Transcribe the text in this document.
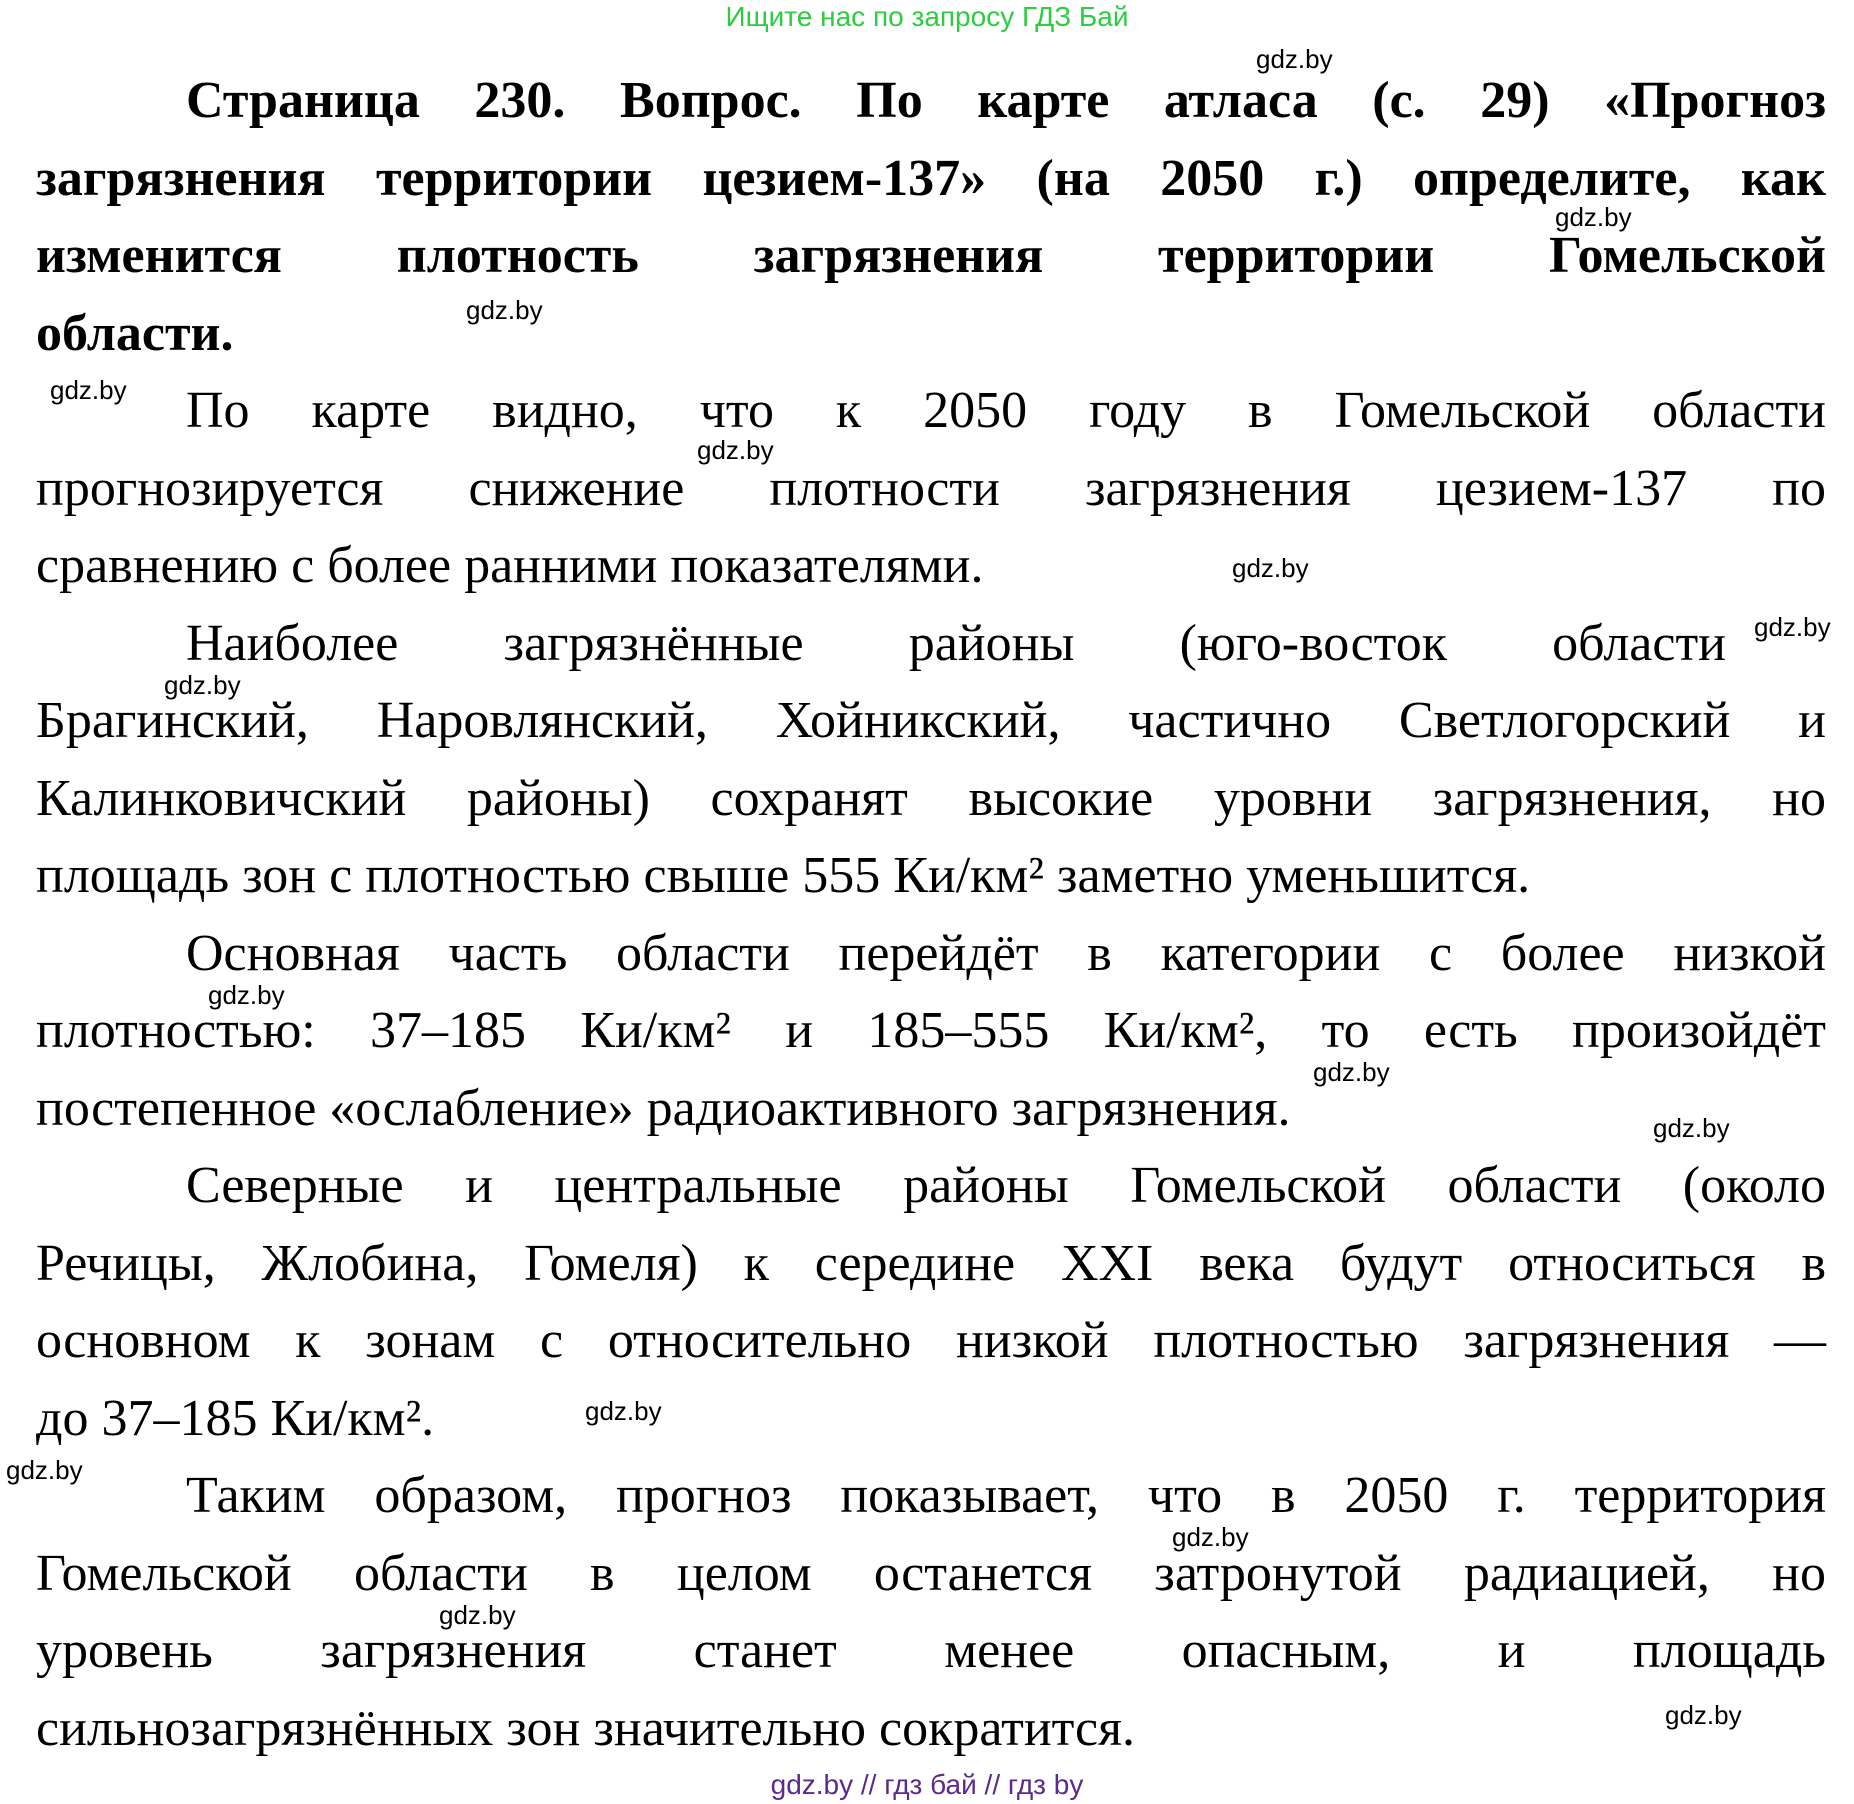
Ищите нас по запросу ГДЗ Бай
Страница 230. Вопрос. По карте атласа (с. 29) «Прогноз
загрязнения территории цезием-137» (на 2050 г.) определите, как
изменится плотность загрязнения территории Гомельской
области.
По карте видно, что к 2050 году в Гомельской области
прогнозируется снижение плотности загрязнения цезием-137 по
сравнению с более ранними показателями.
Наиболее загрязнённые районы (юго-восток области
Брагинский, Наровлянский, Хойникский, частично Светлогорский и
Калинковичский районы) сохранят высокие уровни загрязнения, но
площадь зон с плотностью свыше 555 Ки/км² заметно уменьшится.
Основная часть области перейдёт в категории с более низкой
плотностью: 37–185 Ки/км² и 185–555 Ки/км², то есть произойдёт
постепенное «ослабление» радиоактивного загрязнения.
Северные и центральные районы Гомельской области (около
Речицы, Жлобина, Гомеля) к середине XXI века будут относиться в
основном к зонам с относительно низкой плотностью загрязнения —
до 37–185 Ки/км².
Таким образом, прогноз показывает, что в 2050 г. территория
Гомельской области в целом останется затронутой радиацией, но
уровень загрязнения станет менее опасным, и площадь
сильнозагрязнённых зон значительно сократится.
gdz.by
gdz.by
gdz.by
gdz.by
gdz.by
gdz.by
gdz.by
gdz.by
gdz.by
gdz.by
gdz.by
gdz.by
gdz.by
gdz.by
gdz.by
gdz.by
gdz.by // гдз бай // гдз by
